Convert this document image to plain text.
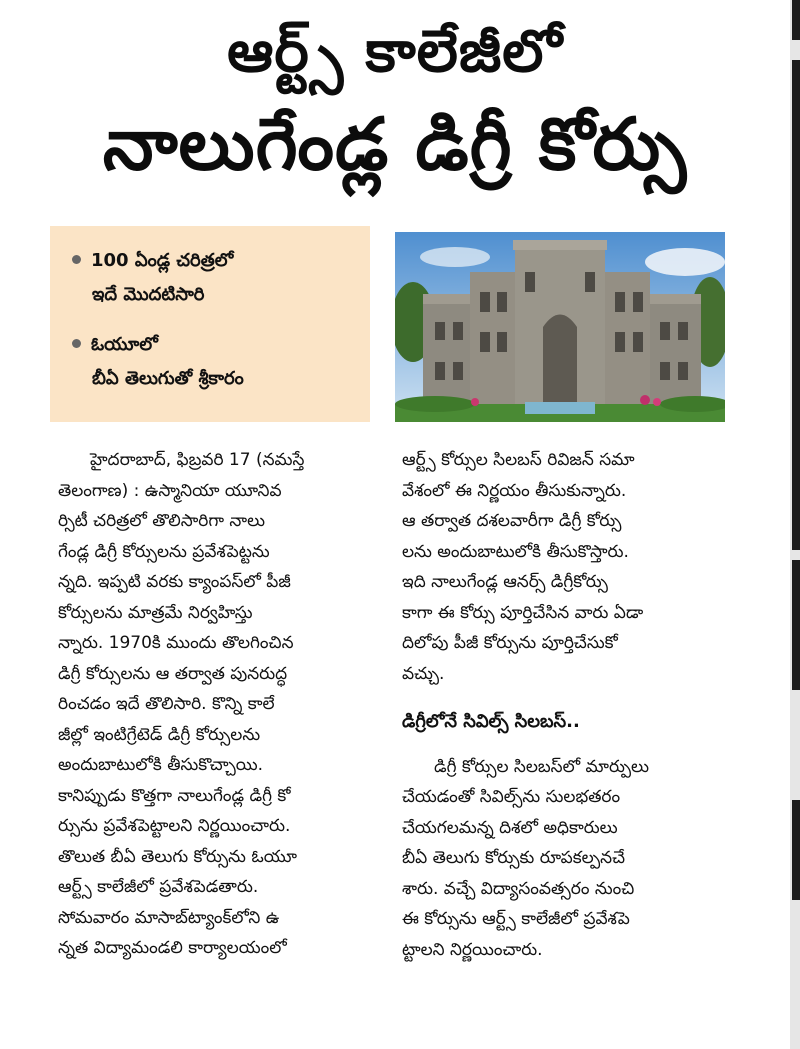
ఆర్ట్స్ కాలేజీలో
నాలుగేండ్ల డిగ్రీ కోర్సు
100 ఏండ్ల చరిత్రలో
ఇదే మొదటిసారి
ఓయూలో
బీఏ తెలుగుతో శ్రీకారం
హైదరాబాద్, ఫిబ్రవరి 17 (నమస్తే
తెలంగాణ) : ఉస్మానియా యూనివ
ర్సిటీ చరిత్రలో తొలిసారిగా నాలు
గేండ్ల డిగ్రీ కోర్సులను ప్రవేశపెట్టను
న్నది. ఇప్పటి వరకు క్యాంపస్‌లో పీజీ
కోర్సులను మాత్రమే నిర్వహిస్తు
న్నారు. 1970కి ముందు తొలగించిన
డిగ్రీ కోర్సులను ఆ తర్వాత పునరుద్ధ
రించడం ఇదే తొలిసారి. కొన్ని కాలే
జీల్లో ఇంటిగ్రేటెడ్ డిగ్రీ కోర్సులను
అందుబాటులోకి తీసుకొచ్చాయి.
కానిప్పుడు కొత్తగా నాలుగేండ్ల డిగ్రీ కో
ర్సును ప్రవేశపెట్టాలని నిర్ణయించారు.
తొలుత బీఏ తెలుగు కోర్సును ఓయూ
ఆర్ట్స్ కాలేజీలో ప్రవేశపెడతారు.
సోమవారం మాసాబ్‌ట్యాంక్‌లోని ఉ
న్నత విద్యామండలి కార్యాలయంలో
ఆర్ట్స్ కోర్సుల సిలబస్ రివిజన్ సమా
వేశంలో ఈ నిర్ణయం తీసుకున్నారు.
ఆ తర్వాత దశలవారీగా డిగ్రీ కోర్సు
లను అందుబాటులోకి తీసుకొస్తారు.
ఇది నాలుగేండ్ల ఆనర్స్ డిగ్రీకోర్సు
కాగా ఈ కోర్సు పూర్తిచేసిన వారు ఏడా
దిలోపు పీజీ కోర్సును పూర్తిచేసుకో
వచ్చు.
డిగ్రీలోనే సివిల్స్ సిలబస్..
డిగ్రీ కోర్సుల సిలబస్‌లో మార్పులు
చేయడంతో సివిల్స్‌ను సులభతరం
చేయగలమన్న దిశలో అధికారులు
బీఏ తెలుగు కోర్సుకు రూపకల్పనచే
శారు. వచ్చే విద్యాసంవత్సరం నుంచి
ఈ కోర్సును ఆర్ట్స్ కాలేజీలో ప్రవేశపె
ట్టాలని నిర్ణయించారు.
